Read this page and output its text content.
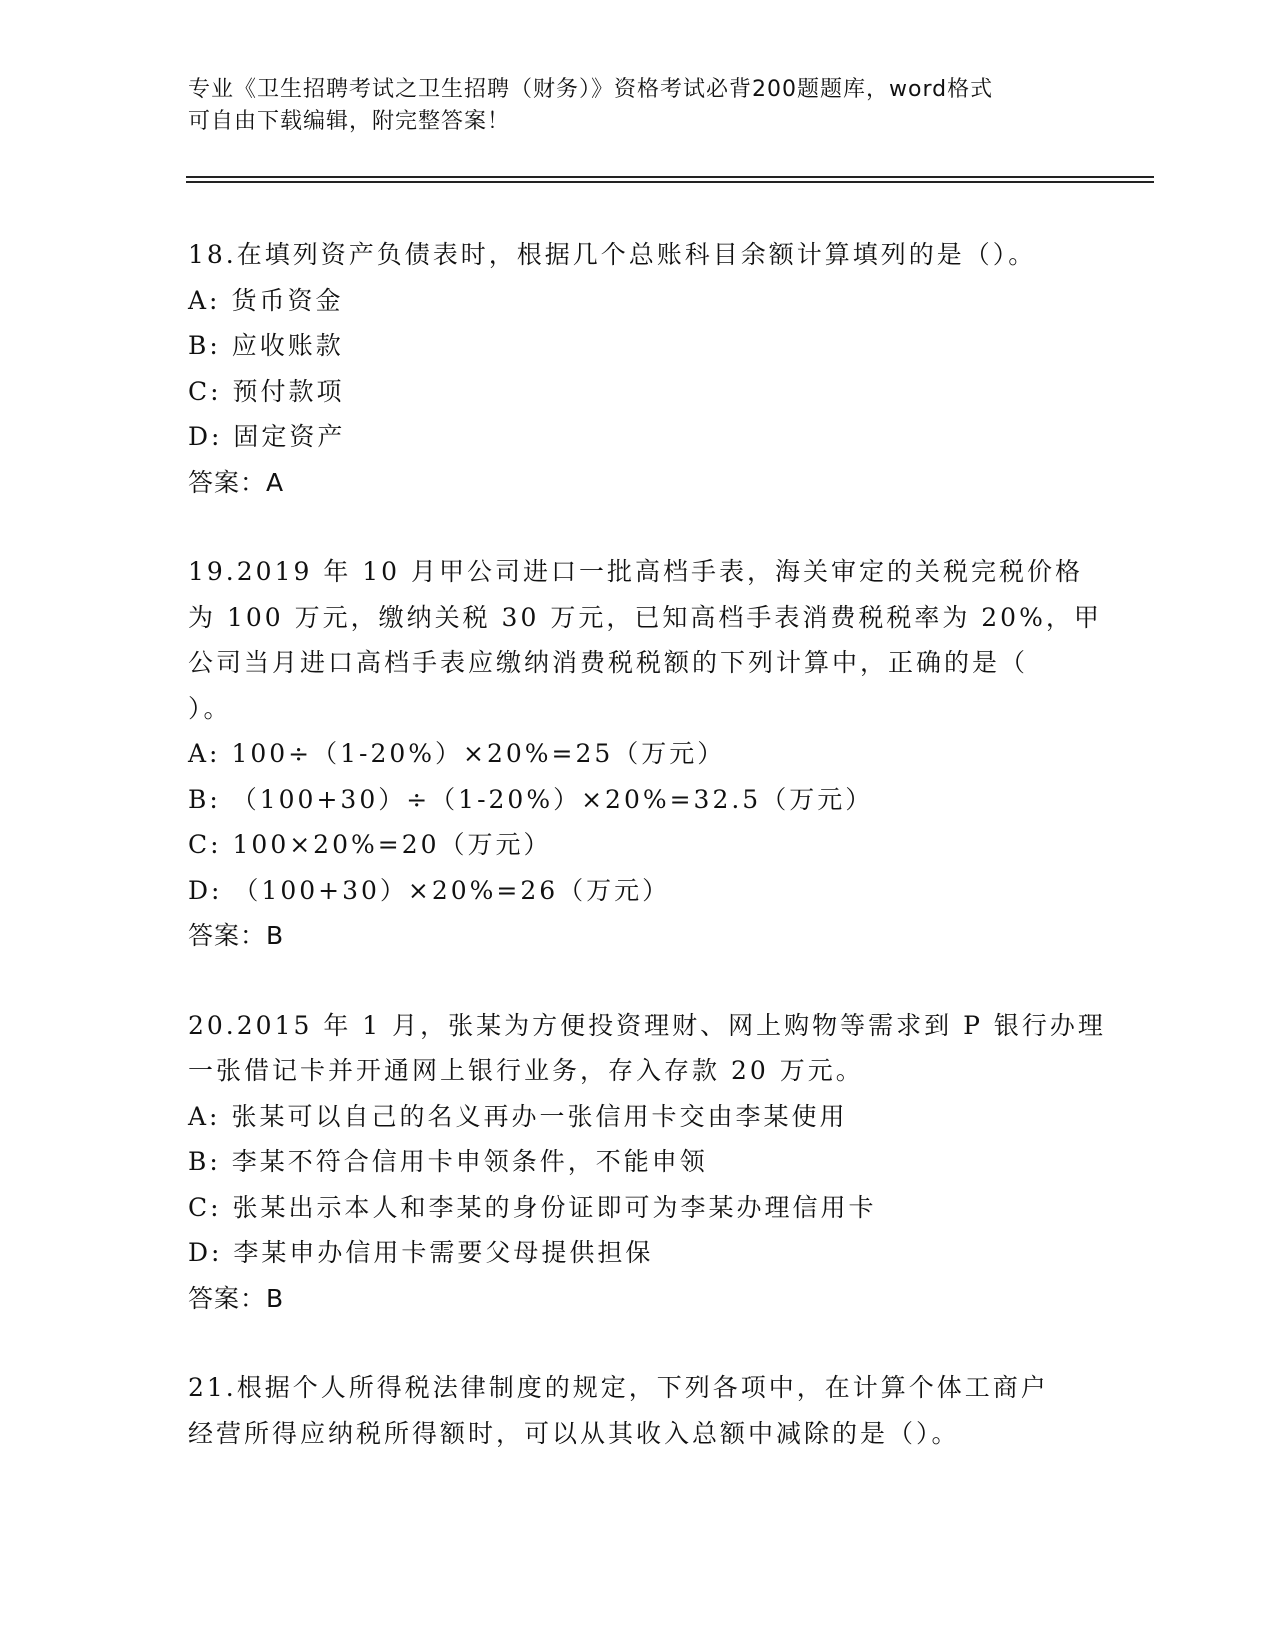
专业《卫生招聘考试之卫生招聘（财务）》资格考试必背200题题库，word格式
可自由下载编辑，附完整答案！
18.在填列资产负债表时，根据几个总账科目余额计算填列的是（）。
A: 货币资金
B: 应收账款
C: 预付款项
D: 固定资产
答案：A
19.2019 年 10 月甲公司进口一批高档手表，海关审定的关税完税价格
为 100 万元，缴纳关税 30 万元，已知高档手表消费税税率为 20%，甲
公司当月进口高档手表应缴纳消费税税额的下列计算中，正确的是（
）。
A: 100÷（1-20%）×20%=25（万元）
B: （100+30）÷（1-20%）×20%=32.5（万元）
C: 100×20%=20（万元）
D: （100+30）×20%=26（万元）
答案：B
20.2015 年 1 月，张某为方便投资理财、网上购物等需求到 P 银行办理
一张借记卡并开通网上银行业务，存入存款 20 万元。
A: 张某可以自己的名义再办一张信用卡交由李某使用
B: 李某不符合信用卡申领条件，不能申领
C: 张某出示本人和李某的身份证即可为李某办理信用卡
D: 李某申办信用卡需要父母提供担保
答案：B
21.根据个人所得税法律制度的规定，下列各项中，在计算个体工商户
经营所得应纳税所得额时，可以从其收入总额中减除的是（）。
